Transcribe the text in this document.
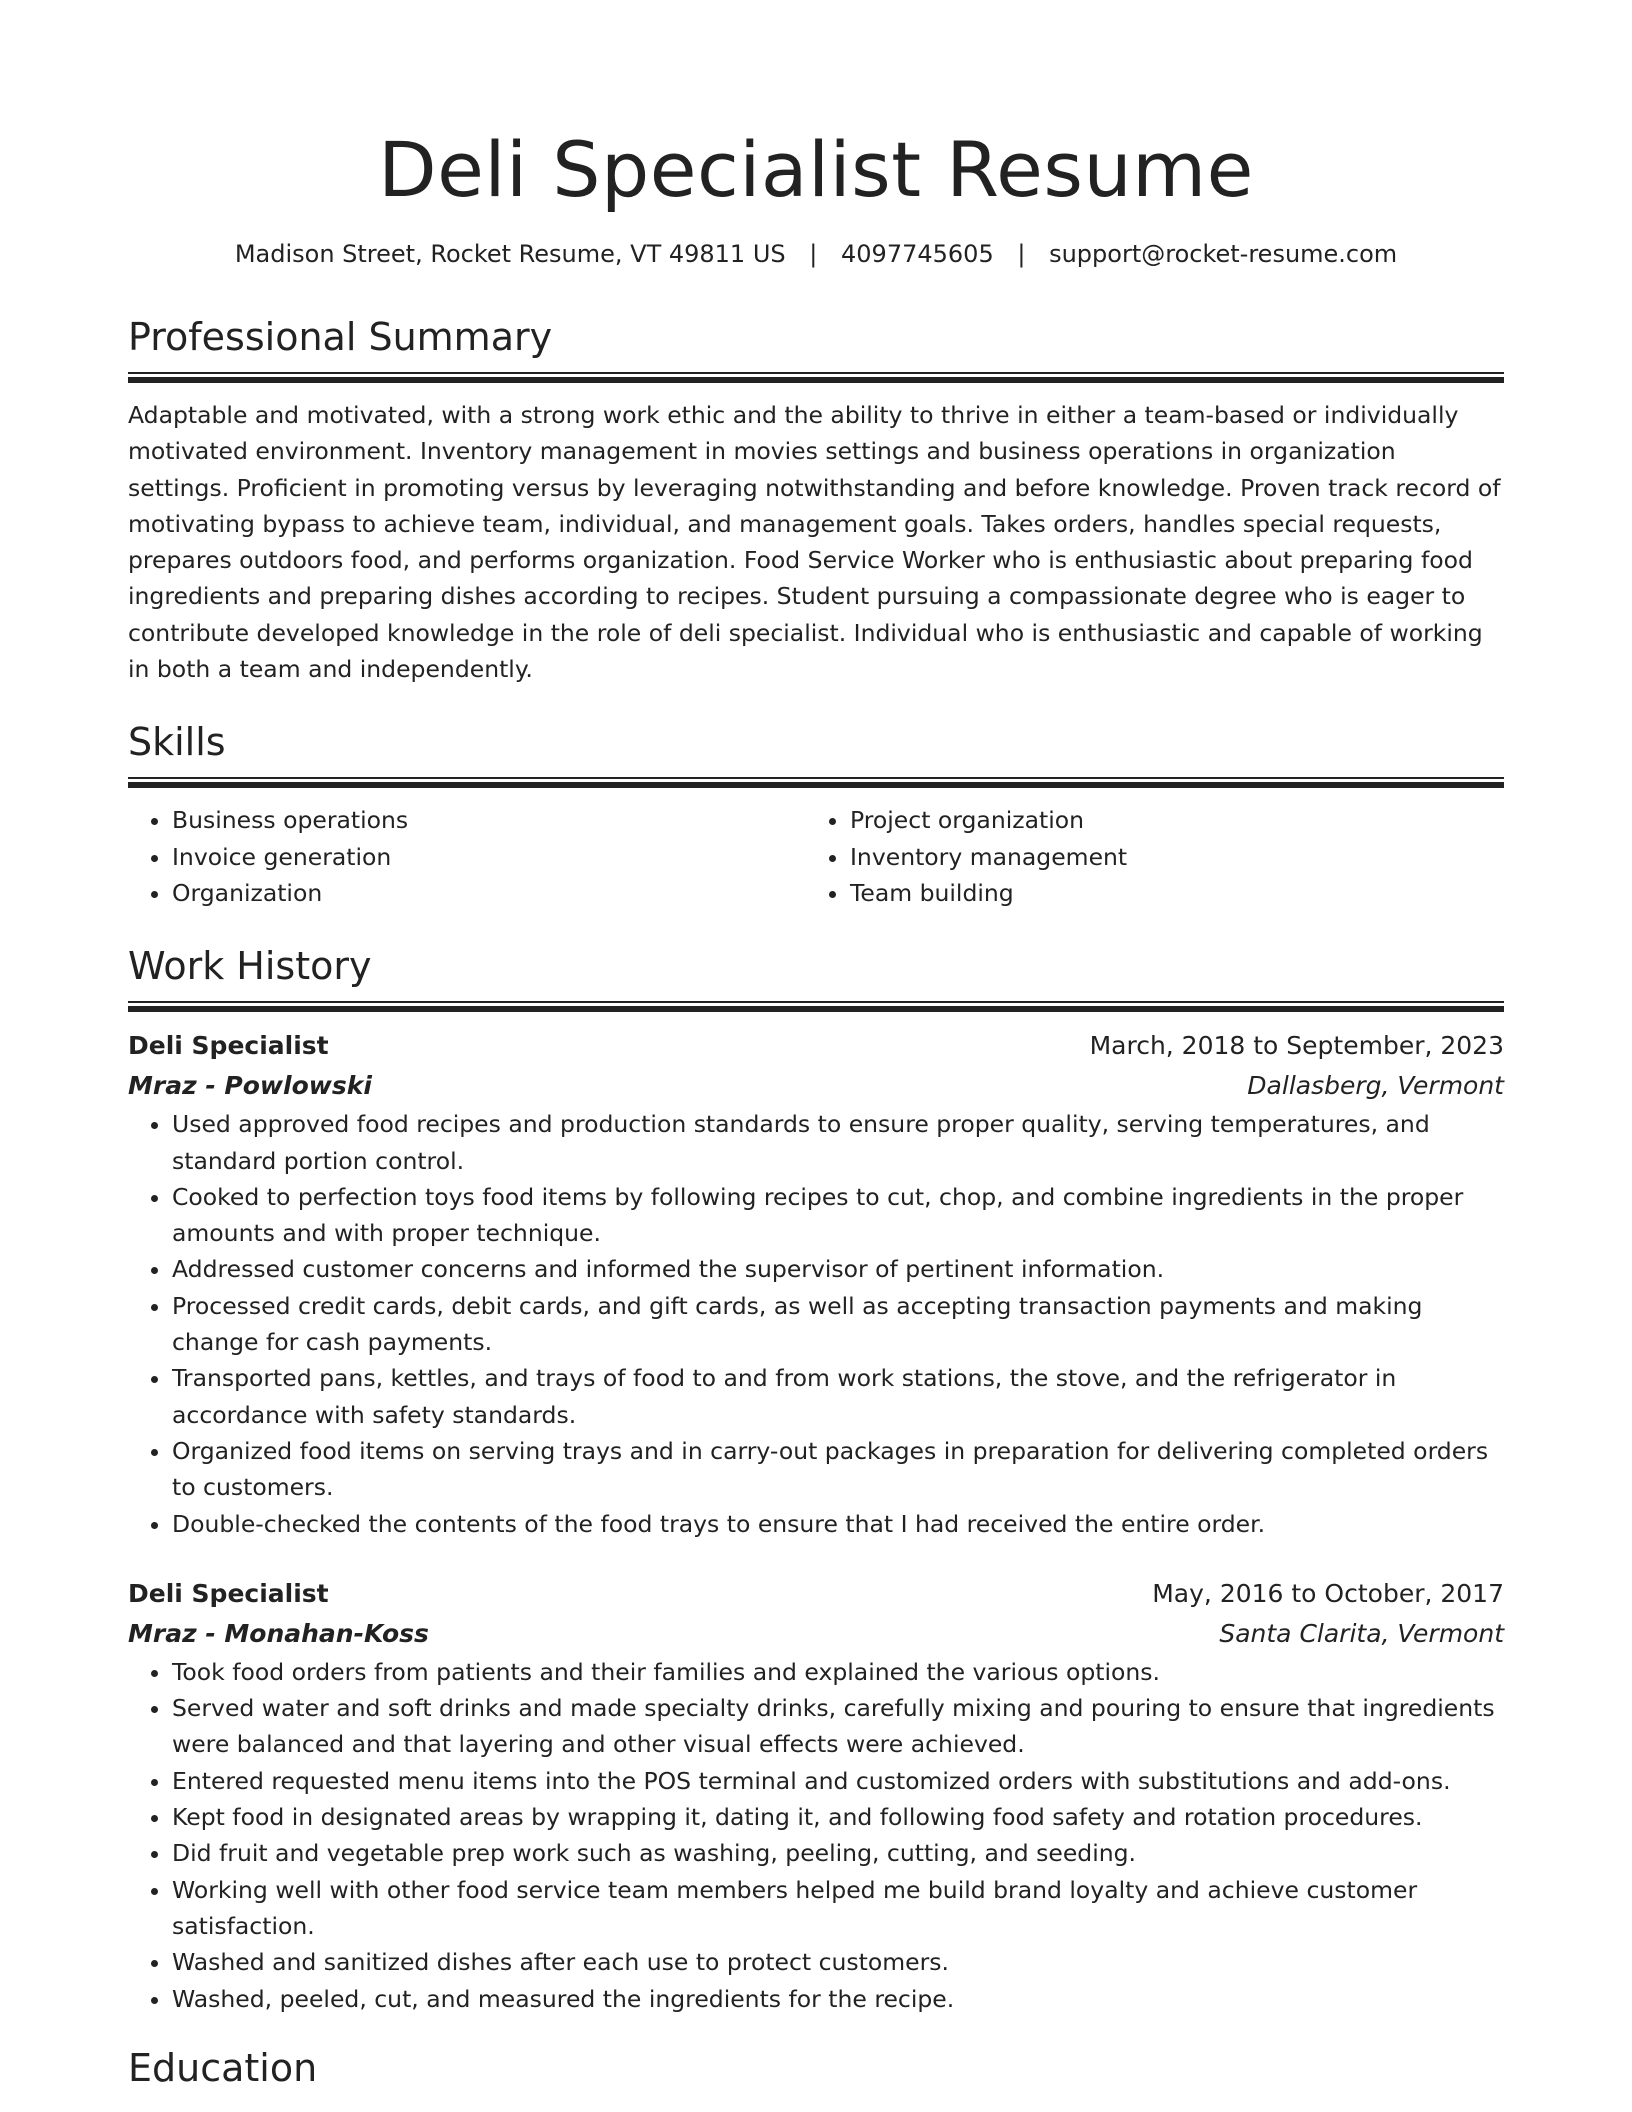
Deli Specialist Resume
Madison Street, Rocket Resume, VT 49811 US | 4097745605 | support@rocket-resume.com
Professional Summary

Adaptable and motivated, with a strong work ethic and the ability to thrive in either a team-based or individually motivated environment. Inventory management in movies settings and business operations in organization settings. Proficient in promoting versus by leveraging notwithstanding and before knowledge. Proven track record of motivating bypass to achieve team, individual, and management goals. Takes orders, handles special requests, prepares outdoors food, and performs organization. Food Service Worker who is enthusiastic about preparing food ingredients and preparing dishes according to recipes. Student pursuing a compassionate degree who is eager to contribute developed knowledge in the role of deli specialist. Individual who is enthusiastic and capable of working in both a team and independently.

Skills
• Business operations
• Invoice generation
• Organization
• Project organization
• Inventory management
• Team building
Work History
Deli Specialist	March, 2018 to September, 2023
Mraz - Powlowski	Dallasberg, Vermont
• Used approved food recipes and production standards to ensure proper quality, serving temperatures, and standard portion control.
• Cooked to perfection toys food items by following recipes to cut, chop, and combine ingredients in the proper amounts and with proper technique.
• Addressed customer concerns and informed the supervisor of pertinent information.
• Processed credit cards, debit cards, and gift cards, as well as accepting transaction payments and making change for cash payments.
• Transported pans, kettles, and trays of food to and from work stations, the stove, and the refrigerator in accordance with safety standards.
• Organized food items on serving trays and in carry-out packages in preparation for delivering completed orders to customers.
• Double-checked the contents of the food trays to ensure that I had received the entire order.
Deli Specialist	May, 2016 to October, 2017
Mraz - Monahan-Koss	Santa Clarita, Vermont
• Took food orders from patients and their families and explained the various options.
• Served water and soft drinks and made specialty drinks, carefully mixing and pouring to ensure that ingredients were balanced and that layering and other visual effects were achieved.
• Entered requested menu items into the POS terminal and customized orders with substitutions and add-ons.
• Kept food in designated areas by wrapping it, dating it, and following food safety and rotation procedures.
• Did fruit and vegetable prep work such as washing, peeling, cutting, and seeding.
• Working well with other food service team members helped me build brand loyalty and achieve customer satisfaction.
• Washed and sanitized dishes after each use to protect customers.
• Washed, peeled, cut, and measured the ingredients for the recipe.
Education
